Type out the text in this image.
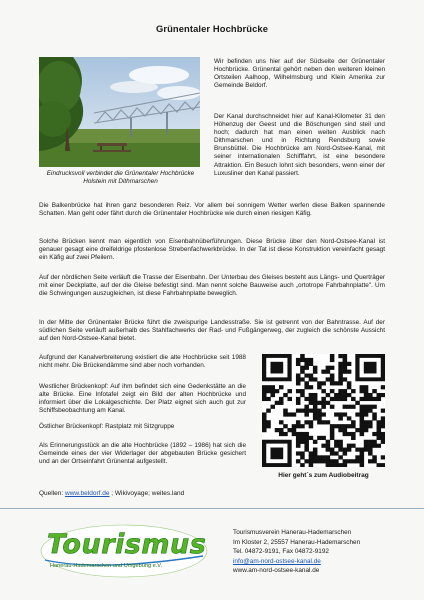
Grünentaler Hochbrücke
Eindrucksvoll verbindet die Grünentaler Hochbrücke Holstein mit Dithmarschen

Wir befinden uns hier auf der Südseite der Grünentaler Hochbrücke. Grünental gehört neben den weiteren kleinen Ortsteilen Aalhoop, Wilhelmsburg und Klein Amerika zur Gemeinde Beldorf.

Der Kanal durchschneidet hier auf Kanal-Kilometer 31 den Höhenzug der Geest und die Böschungen sind steil und hoch; dadurch hat man einen weiten Ausblick nach Dithmarschen und in Richtung Rendsburg sowie Brunsbüttel. Die Hochbrücke am Nord-Ostsee-Kanal, mit seiner internationalen Schifffahrt, ist eine besondere Attraktion. Ein Besuch lohnt sich besonders, wenn einer der Luxusliner den Kanal passiert.

Die Balkenbrücke hat ihren ganz besonderen Reiz. Vor allem bei sonnigem Wetter werfen diese Balken spannende Schatten. Man geht oder fährt durch die Grünentaler Hochbrücke wie durch einen riesigen Käfig.

Solche Brücken kennt man eigentlich von Eisenbahnüberführungen. Diese Brücke über den Nord-Ostsee-Kanal ist genauer gesagt eine dreifeldrige pfostenlose Strebenfachwerkbrücke. In der Tat ist diese Konstruktion vereinfacht gesagt ein Käfig auf zwei Pfeilern.

Auf der nördlichen Seite verläuft die Trasse der Eisenbahn. Der Unterbau des Gleises besteht aus Längs- und Querträger mit einer Deckplatte, auf der die Gleise befestigt sind. Man nennt solche Bauweise auch „ortotrope Fahrbahnplatte". Um die Schwingungen auszugleichen, ist diese Fahrbahnplatte beweglich.

In der Mitte der Grünentaler Brücke führt die zweispurige Landesstraße. Sie ist getrennt von der Bahntrasse. Auf der südlichen Seite verläuft außerhalb des Stahlfachwerks der Rad- und Fußgängerweg, der zugleich die schönste Aussicht auf den Nord-Ostsee-Kanal bietet.

Aufgrund der Kanalverbreiterung existiert die alte Hochbrücke seit 1988 nicht mehr. Die Brückendämme sind aber noch vorhanden.

Westlicher Brückenkopf: Auf ihm befindet sich eine Gedenkstätte an die alte Brücke. Eine Infotafel zeigt ein Bild der alten Hochbrücke und informiert über die Lokalgeschichte. Der Platz eignet sich auch gut zur Schiffsbeobachtung am Kanal.

Östlicher Brückenkopf: Rastplatz mit Sitzgruppe

Als Erinnerungsstück an die alte Hochbrücke (1892 – 1986) hat sich die Gemeinde eines der vier Widerlager der abgebauten Brücke gesichert und an der Ortseinfahrt Grünental aufgestellt.

Hier geht´s zum Audiobeitrag
Quellen: www.beldorf.de ; Wikivoyage; weites.land
Tourismus
Hanerau-Hademarschen und Umgebung e.V.
Tourismusverein Hanerau-Hademarschen
Im Kloster 2, 25557 Hanerau-Hademarschen
Tel. 04872-9191, Fax 04872-9192
info@am-nord-ostsee-kanal.de
www.am-nord-ostsee-kanal.de
